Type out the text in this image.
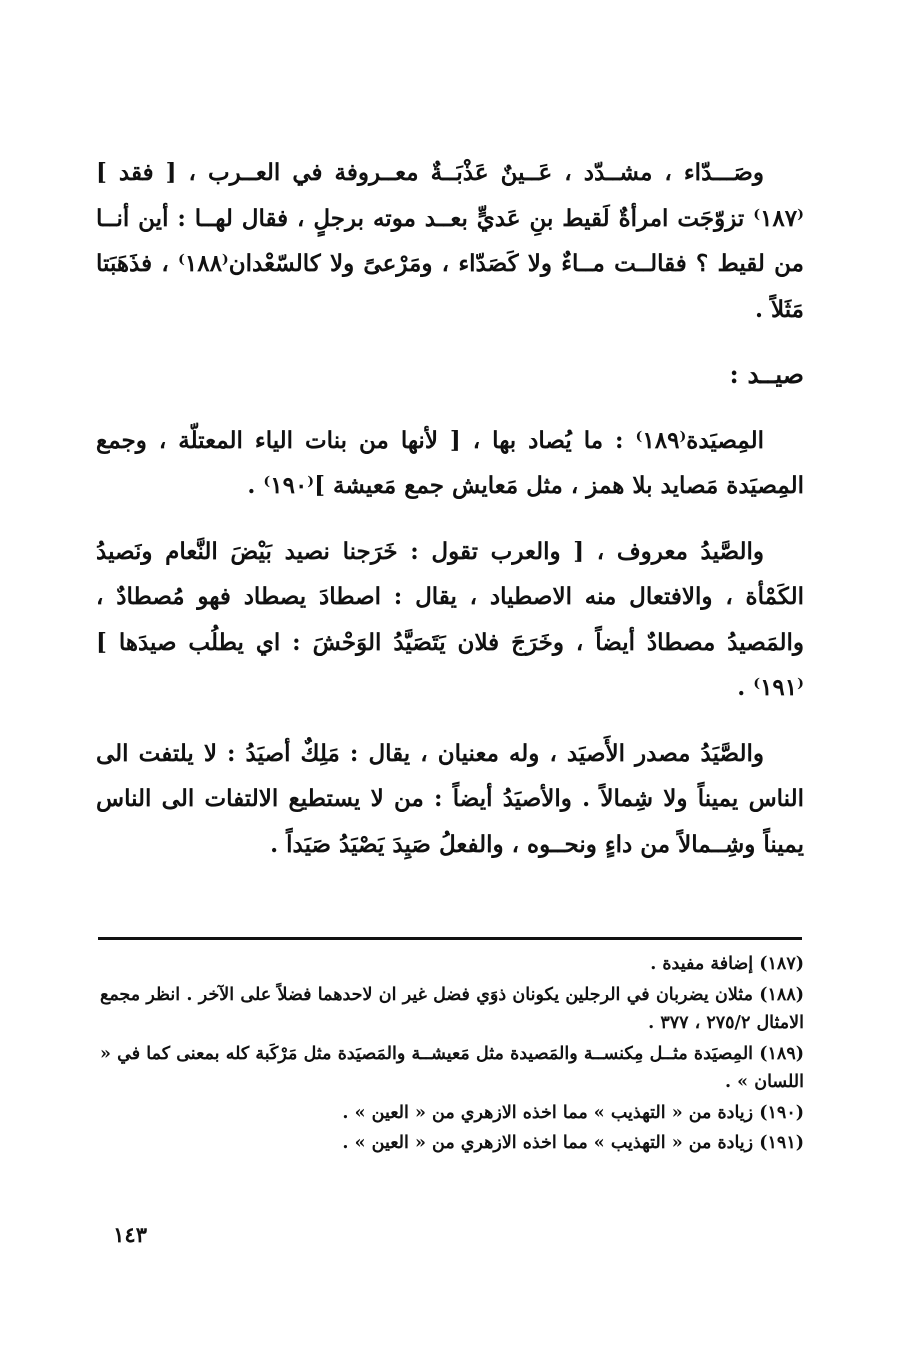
وصَـــدّاء ، مشــدّد ، عَــينٌ عَذْبَــةٌ معــروفة في العــرب ، [ فقد ]⁽١٨٧⁾ تزوّجَت امرأةٌ لَقيط بنِ عَديٍّ بعــد موته برجلٍ ، فقال لهــا : أين أنــا من لقيط ؟ فقالــت مــاءٌ ولا كَصَدّاء ، ومَرْعىً ولا كالسّعْدان⁽١٨٨⁾ ، فذَهَبَتا مَثَلاً .

صيــد :

المِصيَدة⁽١٨٩⁾ : ما يُصاد بها ، [ لأنها من بنات الياء المعتلّة ، وجمع المِصيَدة مَصايد بلا همز ، مثل مَعايش جمع مَعيشة ]⁽١٩٠⁾ .

والصَّيدُ معروف ، [ والعرب تقول : خَرَجنا نصيد بَيْضَ النَّعام ونَصيدُ الكَمْأة ، والافتعال منه الاصطياد ، يقال : اصطادَ يصطاد فهو مُصطادٌ ، والمَصيدُ مصطادٌ أيضاً ، وخَرَجَ فلان يَتَصَيَّدُ الوَحْشَ : اي يطلُب صيدَها ]⁽١٩١⁾ .

والصَّيَدُ مصدر الأَصيَد ، وله معنيان ، يقال : مَلِكٌ أصيَدُ : لا يلتفت الى الناس يميناً ولا شِمالاً . والأصيَدُ أيضاً : من لا يستطيع الالتفات الى الناس يميناً وشِــمالاً من داءٍ ونحــوه ، والفعلُ صَيِدَ يَصْيَدُ صَيَداً .

(١٨٧) إضافة مفيدة .

(١٨٨) مثلان يضربان في الرجلين يكونان ذوَي فضل غير ان لاحدهما فضلاً على الآخر . انظر مجمع الامثال ٢٧٥/٢ ، ٣٧٧ .

(١٨٩) المِصيَدة مثــل مِكنســة والمَصيدة مثل مَعيشــة والمَصيَدة مثل مَرْكَبة كله بمعنى كما في « اللسان » .

(١٩٠) زيادة من « التهذيب » مما اخذه الازهري من « العين » .

(١٩١) زيادة من « التهذيب » مما اخذه الازهري من « العين » .

١٤٣
